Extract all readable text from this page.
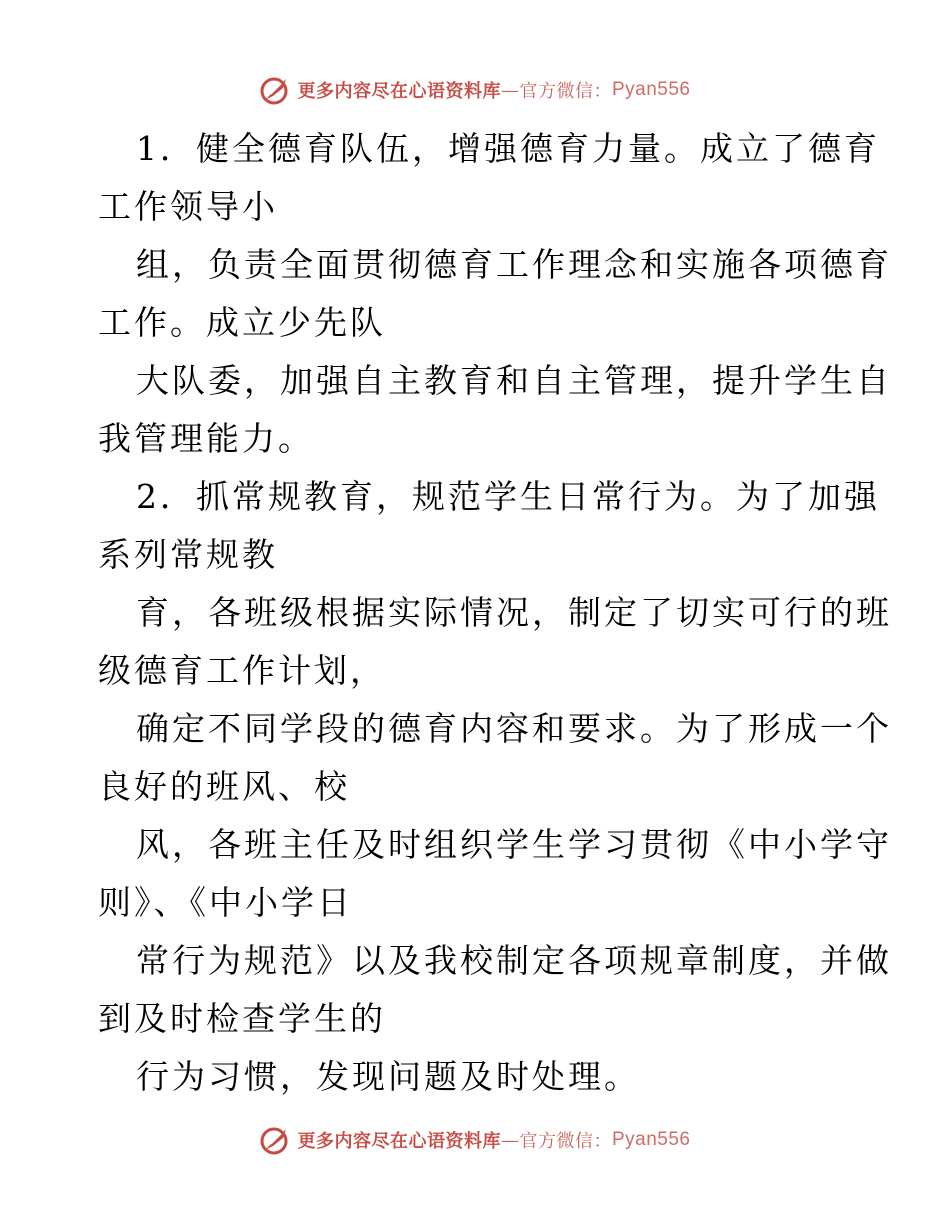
更多内容尽在心语资料库 — 官方微信： Pyan556
1．健全德育队伍，增强德育力量。成立了德育
工作领导小
组，负责全面贯彻德育工作理念和实施各项德育
工作。成立少先队
大队委，加强自主教育和自主管理，提升学生自
我管理能力。
2．抓常规教育，规范学生日常行为。为了加强
系列常规教
育，各班级根据实际情况，制定了切实可行的班
级德育工作计划，
确定不同学段的德育内容和要求。为了形成一个
良好的班风、校
风，各班主任及时组织学生学习贯彻《中小学守
则》、《中小学日
常行为规范》以及我校制定各项规章制度，并做
到及时检查学生的
行为习惯，发现问题及时处理。
更多内容尽在心语资料库 — 官方微信： Pyan556
